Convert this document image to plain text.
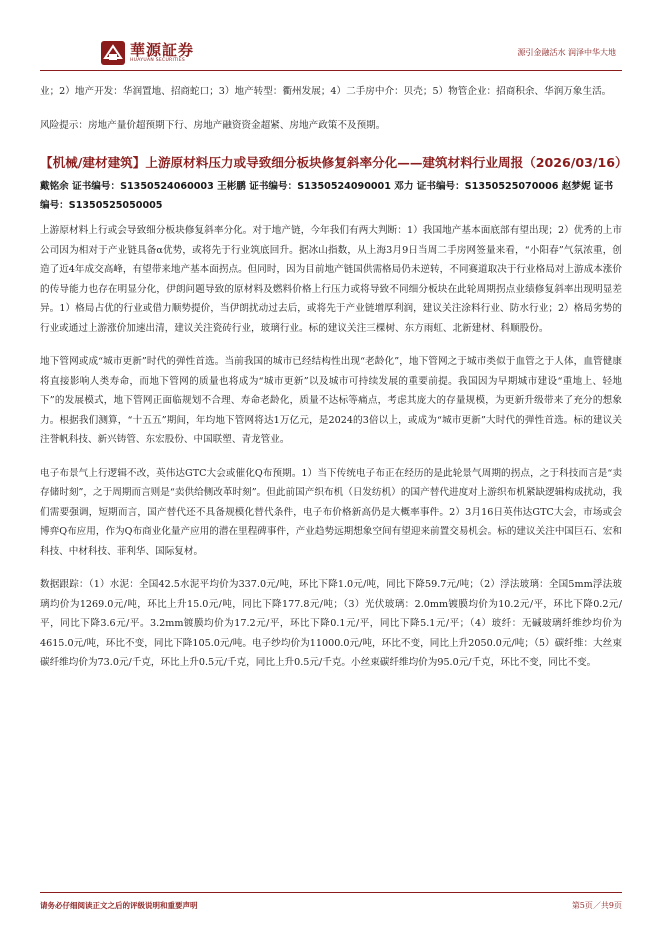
華源証券
HUAYUAN SECURITIES
源引金融活水 润泽中华大地

业；2）地产开发：华润置地、招商蛇口；3）地产转型：衢州发展；4）二手房中介：贝壳；5）物管企业：招商积余、华润万象生活。

风险提示：房地产量价超预期下行、房地产融资资金超紧、房地产政策不及预期。

【机械/建材建筑】上游原材料压力或导致细分板块修复斜率分化——建筑材料行业周报（2026/03/16）
戴铭余 证书编号：S1350524060003 王彬鹏 证书编号：S1350524090001 邓力 证书编号：S1350525070006 赵梦妮 证书编号：S1350525050005

上游原材料上行或会导致细分板块修复斜率分化。对于地产链，今年我们有两大判断：1）我国地产基本面底部有望出现；2）优秀的上市公司因为相对于产业链具备α优势，或将先于行业筑底回升。据冰山指数，从上海3月9日当周二手房网签量来看，“小阳春”气氛浓重，创造了近4年成交高峰，有望带来地产基本面拐点。但同时，因为目前地产链国供需格局仍未逆转，不同赛道取决于行业格局对上游成本涨价的传导能力也存在明显分化，伊朗问题导致的原材料及燃料价格上行压力或将导致不同细分板块在此轮周期拐点业绩修复斜率出现明显差异。1）格局占优的行业或借力顺势提价，当伊朗扰动过去后，或将先于产业链增厚利润，建议关注涂料行业、防水行业；2）格局劣势的行业或通过上游涨价加速出清，建议关注瓷砖行业，玻璃行业。标的建议关注三棵树、东方雨虹、北新建材、科顺股份。

地下管网或成“城市更新”时代的弹性首选。当前我国的城市已经结构性出现“老龄化”，地下管网之于城市类似于血管之于人体，血管健康将直接影响人类寿命，而地下管网的质量也将成为“城市更新”以及城市可持续发展的重要前提。我国因为早期城市建设“重地上、轻地下”的发展模式，地下管网正面临规划不合理、寿命老龄化，质量不达标等痛点，考虑其庞大的存量规模，为更新升级带来了充分的想象力。根据我们测算，“十五五”期间，年均地下管网将达1万亿元，是2024的3倍以上，或成为“城市更新”大时代的弹性首选。标的建议关注誉帆科技、新兴铸管、东宏股份、中国联塑、青龙管业。

电子布景气上行逻辑不改，英伟达GTC大会或催化Q布预期。1）当下传统电子布正在经历的是此轮景气周期的拐点，之于科技而言是“卖存储时刻”，之于周期而言则是“卖供给侧改革时刻”。但此前国产织布机（日发纺机）的国产替代进度对上游织布机紧缺逻辑构成扰动，我们需要强调，短期而言，国产替代还不具备规模化替代条件，电子布价格新高仍是大概率事件。2）3月16日英伟达GTC大会，市场或会博弈Q布应用，作为Q布商业化量产应用的潜在里程碑事件，产业趋势远期想象空间有望迎来前置交易机会。标的建议关注中国巨石、宏和科技、中材科技、菲利华、国际复材。

数据跟踪：（1）水泥：全国42.5水泥平均价为337.0元/吨，环比下降1.0元/吨，同比下降59.7元/吨；（2）浮法玻璃：全国5mm浮法玻璃均价为1269.0元/吨，环比上升15.0元/吨，同比下降177.8元/吨；（3）光伏玻璃：2.0mm镀膜均价为10.2元/平，环比下降0.2元/平，同比下降3.6元/平。3.2mm镀膜均价为17.2元/平，环比下降0.1元/平，同比下降5.1元/平；（4）玻纤：无碱玻璃纤维纱均价为4615.0元/吨，环比不变，同比下降105.0元/吨。电子纱均价为11000.0元/吨，环比不变，同比上升2050.0元/吨；（5）碳纤维：大丝束碳纤维均价为73.0元/千克，环比上升0.5元/千克，同比上升0.5元/千克。小丝束碳纤维均价为95.0元/千克，环比不变，同比不变。

请务必仔细阅读正文之后的评级说明和重要声明	第5页／共9页
